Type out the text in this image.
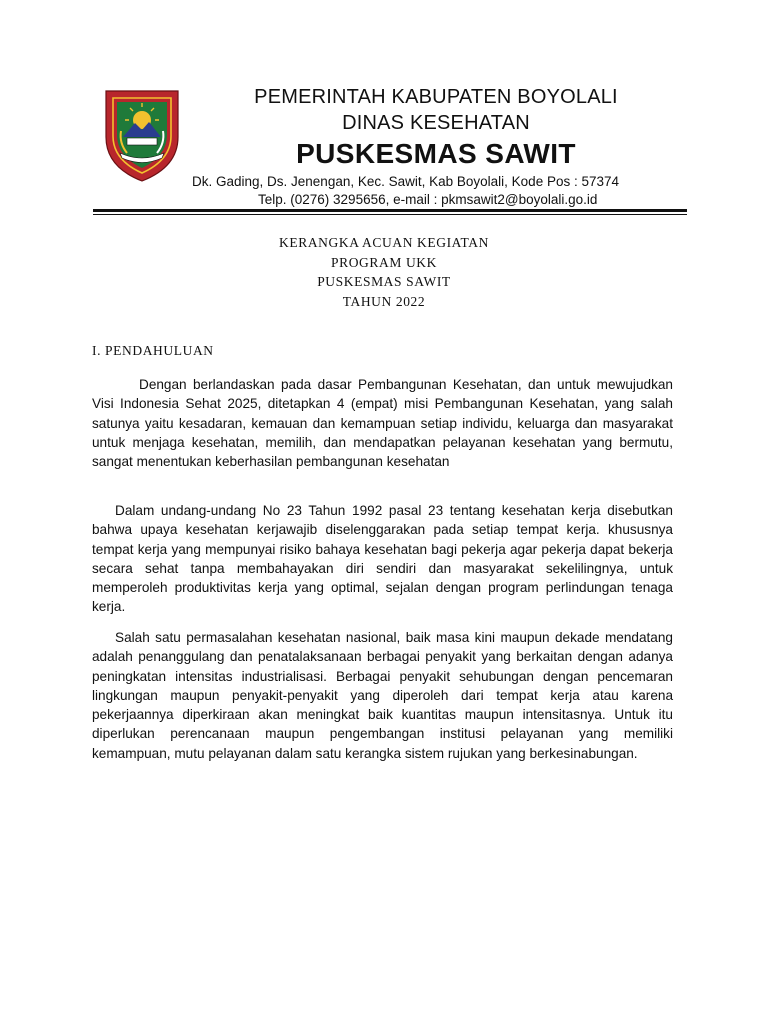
PEMERINTAH KABUPATEN BOYOLALI
DINAS KESEHATAN
PUSKESMAS SAWIT
Dk. Gading, Ds. Jenengan, Kec. Sawit, Kab Boyolali, Kode Pos : 57374
Telp. (0276) 3295656, e-mail : pkmsawit2@boyolali.go.id
KERANGKA ACUAN KEGIATAN
PROGRAM UKK
PUSKESMAS SAWIT
TAHUN 2022
I. PENDAHULUAN

Dengan berlandaskan pada dasar Pembangunan Kesehatan, dan untuk mewujudkan Visi Indonesia Sehat 2025, ditetapkan 4 (empat) misi Pembangunan Kesehatan, yang salah satunya yaitu kesadaran, kemauan dan kemampuan setiap individu, keluarga dan masyarakat untuk menjaga kesehatan, memilih, dan mendapatkan pelayanan kesehatan yang bermutu, sangat menentukan keberhasilan pembangunan kesehatan

Dalam undang-undang No 23 Tahun 1992 pasal 23 tentang kesehatan kerja disebutkan bahwa upaya kesehatan kerjawajib diselenggarakan pada setiap tempat kerja. khususnya tempat kerja yang mempunyai risiko bahaya kesehatan bagi pekerja agar pekerja dapat bekerja secara sehat tanpa membahayakan diri sendiri dan masyarakat sekelilingnya, untuk memperoleh produktivitas kerja yang optimal, sejalan dengan program perlindungan tenaga kerja.

Salah satu permasalahan kesehatan nasional, baik masa kini maupun dekade mendatang adalah penanggulang dan penatalaksanaan berbagai penyakit yang berkaitan dengan adanya peningkatan intensitas industrialisasi. Berbagai penyakit sehubungan dengan pencemaran lingkungan maupun penyakit-penyakit yang diperoleh dari tempat kerja atau karena pekerjaannya diperkiraan akan meningkat baik kuantitas maupun intensitasnya. Untuk itu diperlukan perencanaan maupun pengembangan institusi pelayanan yang memiliki kemampuan, mutu pelayanan dalam satu kerangka sistem rujukan yang berkesinabungan.
